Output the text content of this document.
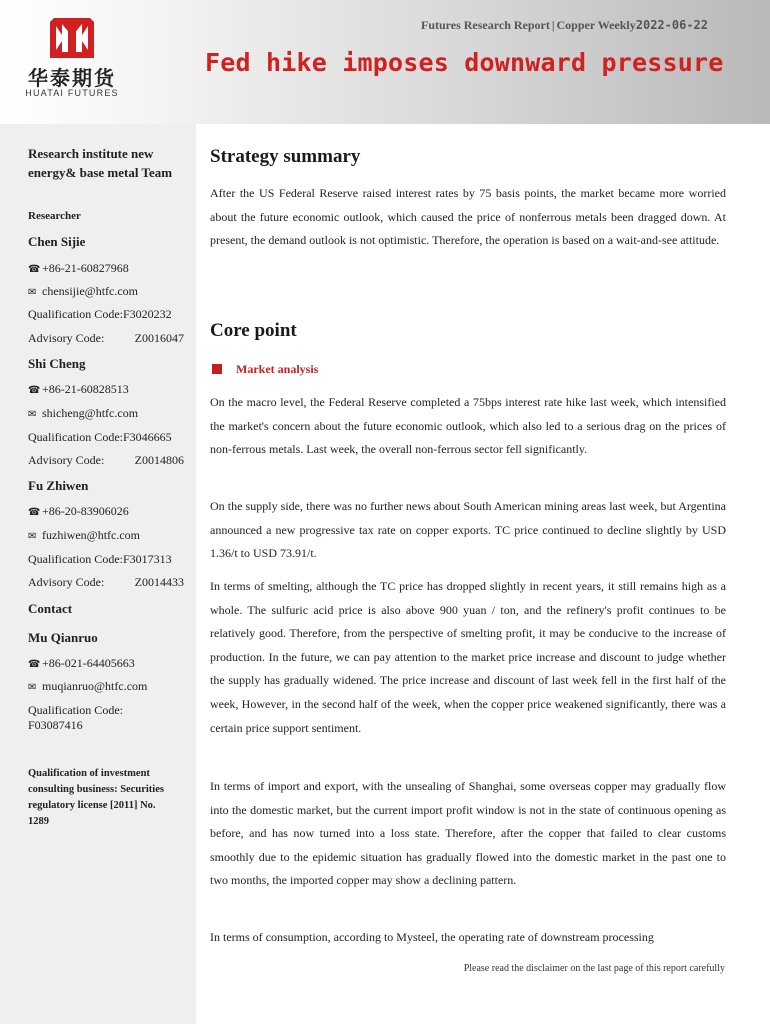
华泰期货
HUATAI FUTURES
Futures Research Report | Copper Weekly2022-06-22
Fed hike imposes downward pressure
Research institute new energy& base metal Team
Researcher
Chen Sijie
☎ +86-21-60827968
✉ chensijie@htfc.com
Qualification Code:F3020232
Advisory Code:	Z0016047
Shi Cheng
☎ +86-21-60828513
✉ shicheng@htfc.com
Qualification Code:F3046665
Advisory Code:	Z0014806
Fu Zhiwen
☎ +86-20-83906026
✉ fuzhiwen@htfc.com
Qualification Code:F3017313
Advisory Code:	Z0014433
Contact
Mu Qianruo
☎ +86-021-64405663
✉ muqianruo@htfc.com
Qualification Code: F03087416
Qualification of investment consulting business: Securities regulatory license [2011] No. 1289
Strategy summary
After the US Federal Reserve raised interest rates by 75 basis points, the market became more worried about the future economic outlook, which caused the price of nonferrous metals been dragged down. At present, the demand outlook is not optimistic. Therefore, the operation is based on a wait-and-see attitude.
Core point
Market analysis
On the macro level, the Federal Reserve completed a 75bps interest rate hike last week, which intensified the market's concern about the future economic outlook, which also led to a serious drag on the prices of non-ferrous metals. Last week, the overall non-ferrous sector fell significantly.
On the supply side, there was no further news about South American mining areas last week, but Argentina announced a new progressive tax rate on copper exports. TC price continued to decline slightly by USD 1.36/t to USD 73.91/t.
In terms of smelting, although the TC price has dropped slightly in recent years, it still remains high as a whole. The sulfuric acid price is also above 900 yuan / ton, and the refinery's profit continues to be relatively good. Therefore, from the perspective of smelting profit, it may be conducive to the increase of production. In the future, we can pay attention to the market price increase and discount to judge whether the supply has gradually widened. The price increase and discount of last week fell in the first half of the week, However, in the second half of the week, when the copper price weakened significantly, there was a certain price support sentiment.
In terms of import and export, with the unsealing of Shanghai, some overseas copper may gradually flow into the domestic market, but the current import profit window is not in the state of continuous opening as before, and has now turned into a loss state. Therefore, after the copper that failed to clear customs smoothly due to the epidemic situation has gradually flowed into the domestic market in the past one to two months, the imported copper may show a declining pattern.
In terms of consumption, according to Mysteel, the operating rate of downstream processing
Please read the disclaimer on the last page of this report carefully
